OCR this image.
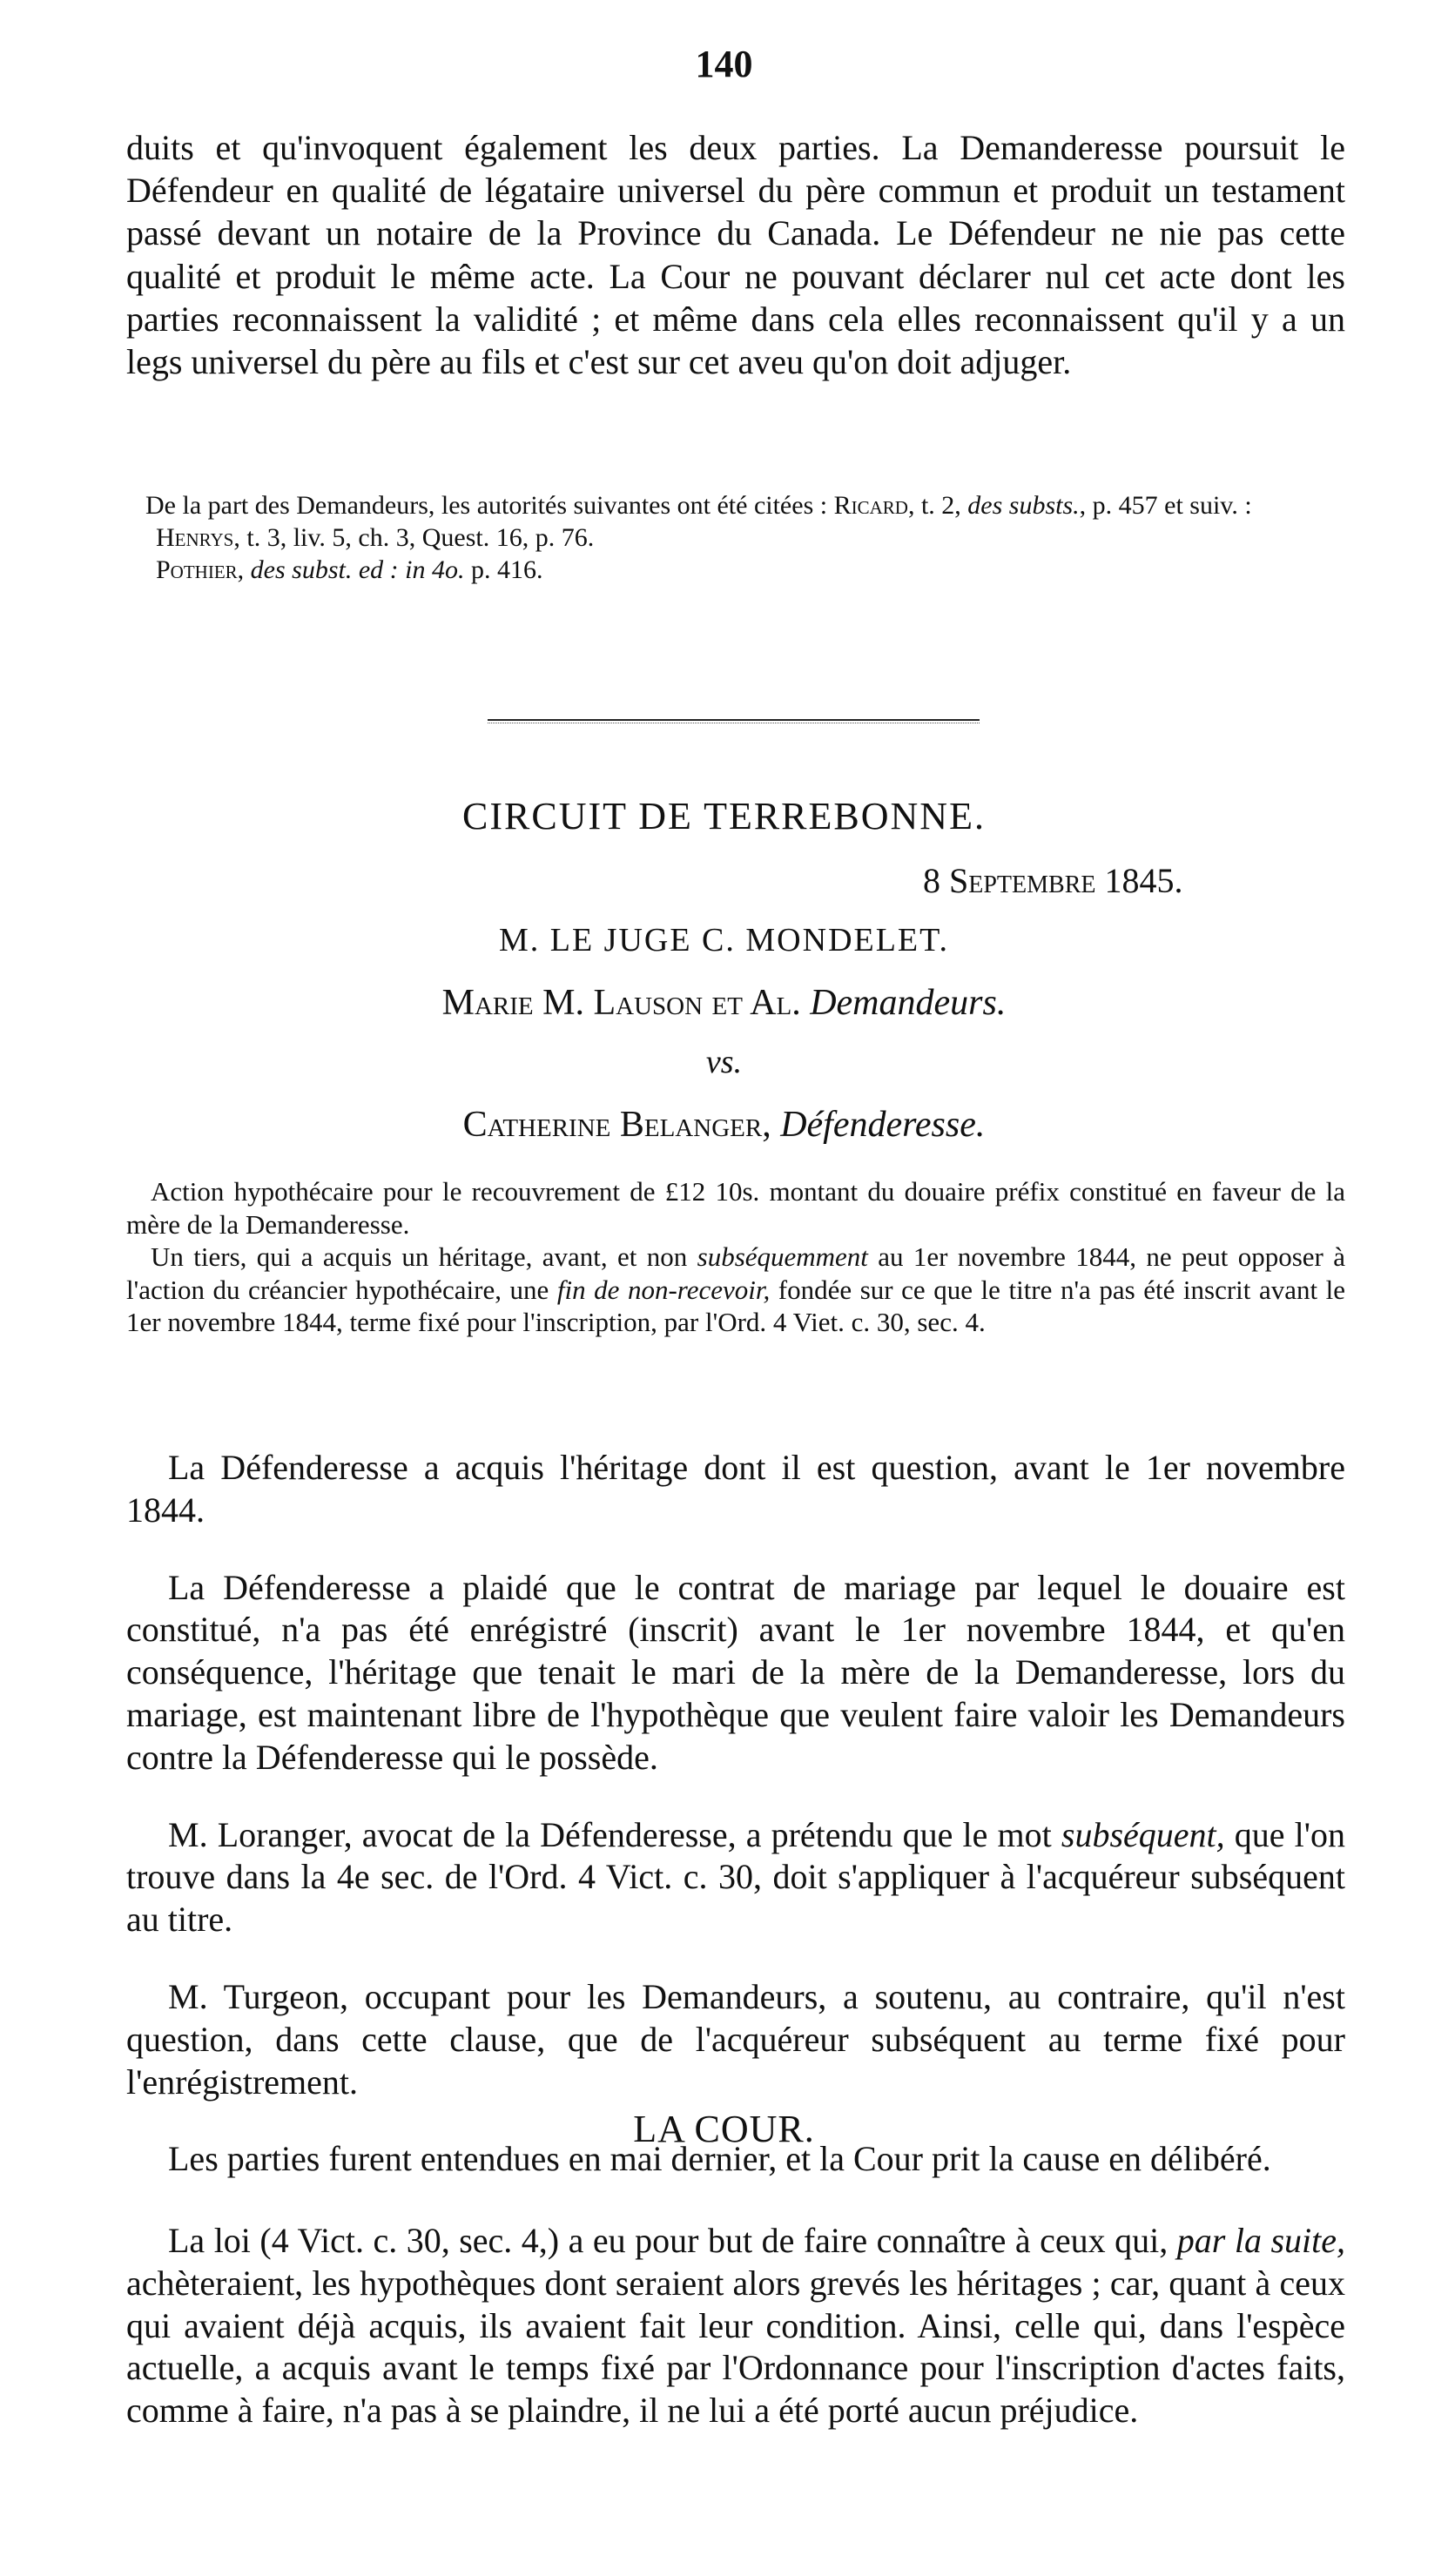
140

duits et qu'invoquent également les deux parties. La Demanderesse poursuit le Défendeur en qualité de légataire universel du père commun et produit un testament passé devant un notaire de la Province du Canada. Le Défendeur ne nie pas cette qualité et produit le même acte. La Cour ne pouvant déclarer nul cet acte dont les parties reconnaissent la validité ; et même dans cela elles reconnaissent qu'il y a un legs universel du père au fils et c'est sur cet aveu qu'on doit adjuger.

De la part des Demandeurs, les autorités suivantes ont été citées : Ricard, t. 2, des substs., p. 457 et suiv. :

Henrys, t. 3, liv. 5, ch. 3, Quest. 16, p. 76.

Pothier, des subst. ed : in 4o. p. 416.

CIRCUIT DE TERREBONNE.
8 Septembre 1845.
M. LE JUGE C. MONDELET.
Marie M. Lauson et Al. Demandeurs.
vs.
Catherine Belanger, Défenderesse.

Action hypothécaire pour le recouvrement de £12 10s. montant du douaire préfix constitué en faveur de la mère de la Demanderesse.

Un tiers, qui a acquis un héritage, avant, et non subséquemment au 1er novembre 1844, ne peut opposer à l'action du créancier hypothécaire, une fin de non-recevoir, fondée sur ce que le titre n'a pas été inscrit avant le 1er novembre 1844, terme fixé pour l'inscription, par l'Ord. 4 Viet. c. 30, sec. 4.

La Défenderesse a acquis l'héritage dont il est question, avant le 1er novembre 1844.

La Défenderesse a plaidé que le contrat de mariage par lequel le douaire est constitué, n'a pas été enrégistré (inscrit) avant le 1er novembre 1844, et qu'en conséquence, l'héritage que tenait le mari de la mère de la Demanderesse, lors du mariage, est maintenant libre de l'hypothèque que veulent faire valoir les Demandeurs contre la Défenderesse qui le possède.

M. Loranger, avocat de la Défenderesse, a prétendu que le mot subséquent, que l'on trouve dans la 4e sec. de l'Ord. 4 Vict. c. 30, doit s'appliquer à l'acquéreur subséquent au titre.

M. Turgeon, occupant pour les Demandeurs, a soutenu, au contraire, qu'il n'est question, dans cette clause, que de l'acquéreur subséquent au terme fixé pour l'enrégistrement.

Les parties furent entendues en mai dernier, et la Cour prit la cause en délibéré.

LA COUR.

La loi (4 Vict. c. 30, sec. 4,) a eu pour but de faire connaître à ceux qui, par la suite, achèteraient, les hypothèques dont seraient alors grevés les héritages ; car, quant à ceux qui avaient déjà acquis, ils avaient fait leur condition. Ainsi, celle qui, dans l'espèce actuelle, a acquis avant le temps fixé par l'Ordonnance pour l'inscription d'actes faits, comme à faire, n'a pas à se plaindre, il ne lui a été porté aucun préjudice.
